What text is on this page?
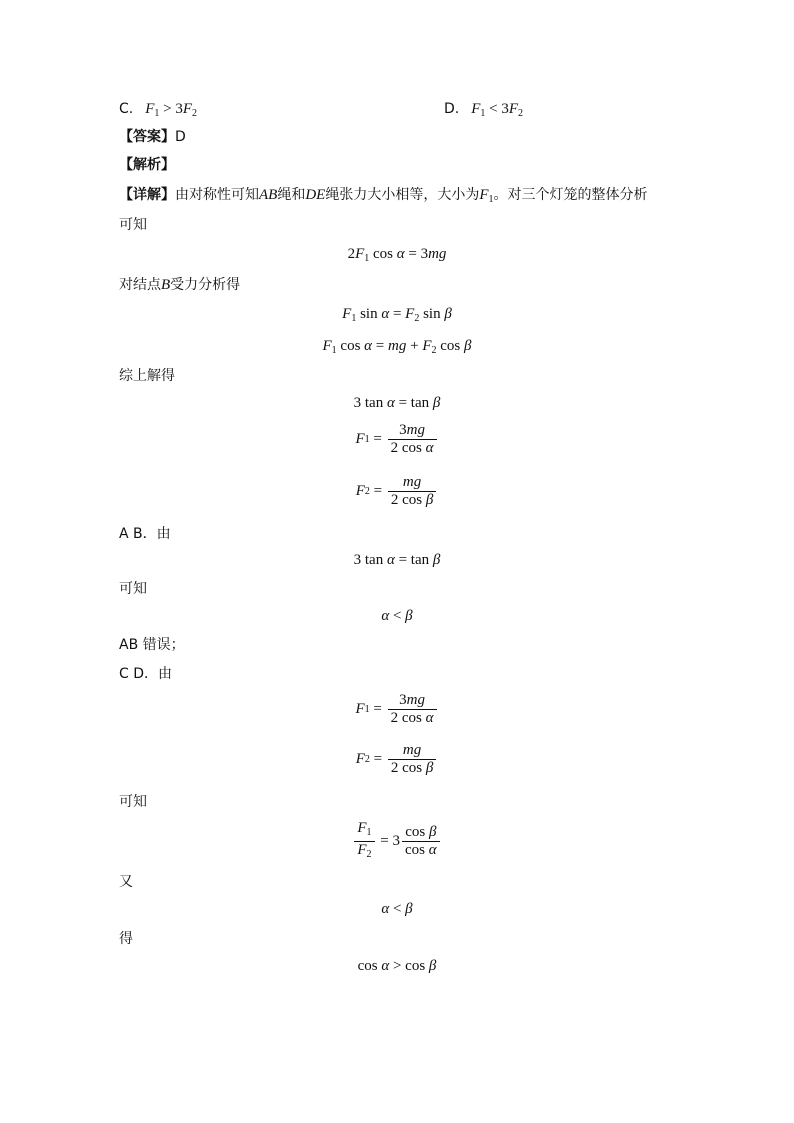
C. $F_1 > 3F_2$	D. $F_1 < 3F_2$
【答案】D
【解析】
【详解】由对称性可知AB绳和DE绳张力大小相等，大小为$F_1$。对三个灯笼的整体分析
可知
$2F_1$ cos α = 3mg
对结点B受力分析得
$F_1$ $\sin \alpha = F_2$ sin β
$F_1$ cos α = mg + $F_2$ cos β
综上解得
3 tan α = tan β
F $1 = \frac{3mg}{\text{2 cos α}}$
F $2 = \frac{mg}{\text{2 cos β}}$
A B．由
3 tan α = tan β
可知
α < β
AB 错误；
C D．由
F $1 = \frac{3mg}{\text{2 cos α}}$
F $2 = \frac{mg}{\text{2 cos β}}$
可知
$\frac{F_1}{F_2} = 3 \frac{\text{cos β}}{\text{cos α}}$
又
α < β
得
cos α > cos β
